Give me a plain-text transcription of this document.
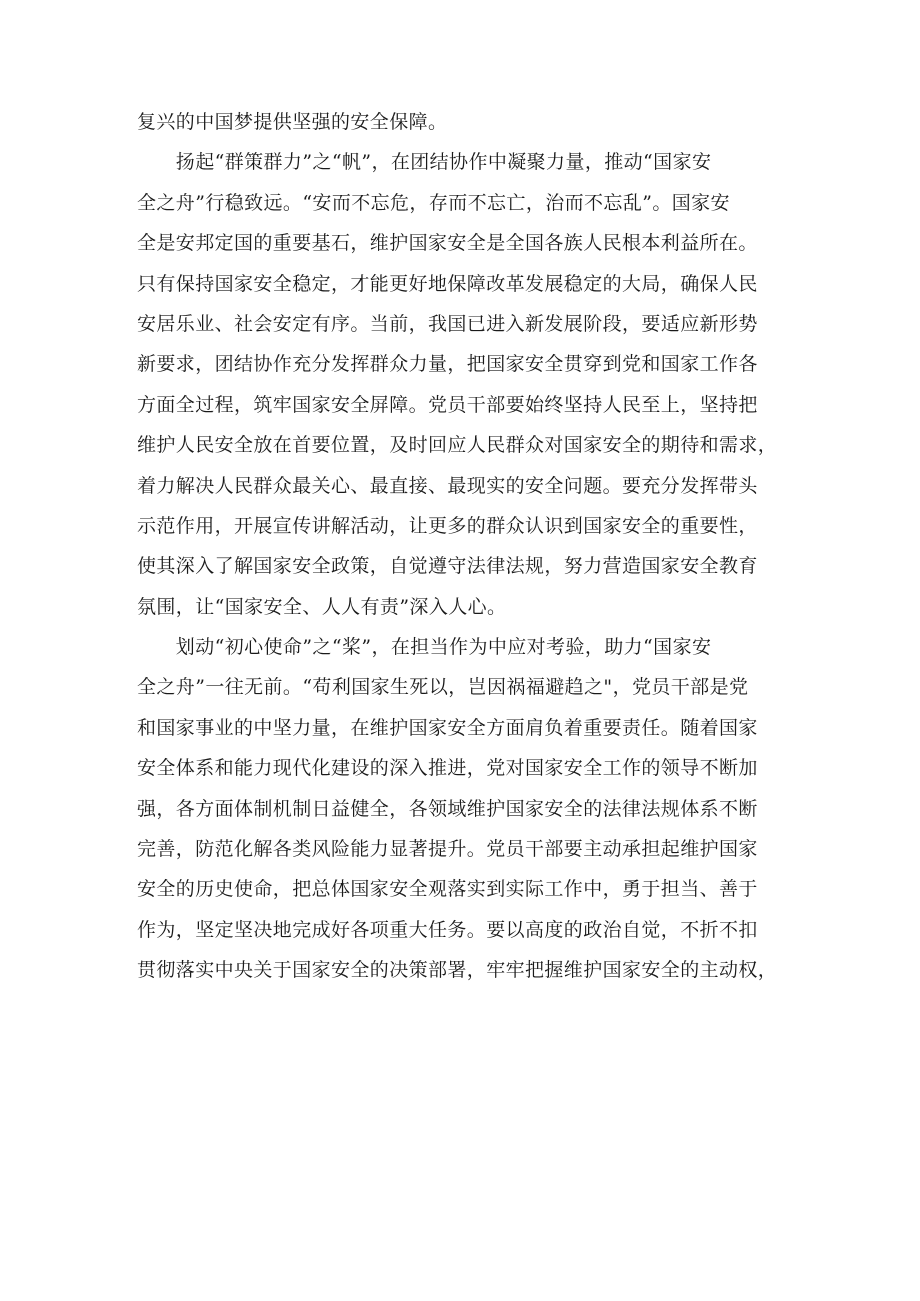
复兴的中国梦提供坚强的安全保障。
　　扬起“群策群力”之“帆”，在团结协作中凝聚力量，推动“国家安
全之舟”行稳致远。“安而不忘危，存而不忘亡，治而不忘乱”。国家安
全是安邦定国的重要基石，维护国家安全是全国各族人民根本利益所在。
只有保持国家安全稳定，才能更好地保障改革发展稳定的大局，确保人民
安居乐业、社会安定有序。当前，我国已进入新发展阶段，要适应新形势
新要求，团结协作充分发挥群众力量，把国家安全贯穿到党和国家工作各
方面全过程，筑牢国家安全屏障。党员干部要始终坚持人民至上，坚持把
维护人民安全放在首要位置，及时回应人民群众对国家安全的期待和需求，
着力解决人民群众最关心、最直接、最现实的安全问题。要充分发挥带头
示范作用，开展宣传讲解活动，让更多的群众认识到国家安全的重要性，
使其深入了解国家安全政策，自觉遵守法律法规，努力营造国家安全教育
氛围，让“国家安全、人人有责”深入人心。
　　划动“初心使命”之“桨”，在担当作为中应对考验，助力“国家安
全之舟”一往无前。“苟利国家生死以，岂因祸福避趋之"，党员干部是党
和国家事业的中坚力量，在维护国家安全方面肩负着重要责任。随着国家
安全体系和能力现代化建设的深入推进，党对国家安全工作的领导不断加
强，各方面体制机制日益健全，各领域维护国家安全的法律法规体系不断
完善，防范化解各类风险能力显著提升。党员干部要主动承担起维护国家
安全的历史使命，把总体国家安全观落实到实际工作中，勇于担当、善于
作为，坚定坚决地完成好各项重大任务。要以高度的政治自觉，不折不扣
贯彻落实中央关于国家安全的决策部署，牢牢把握维护国家安全的主动权，
